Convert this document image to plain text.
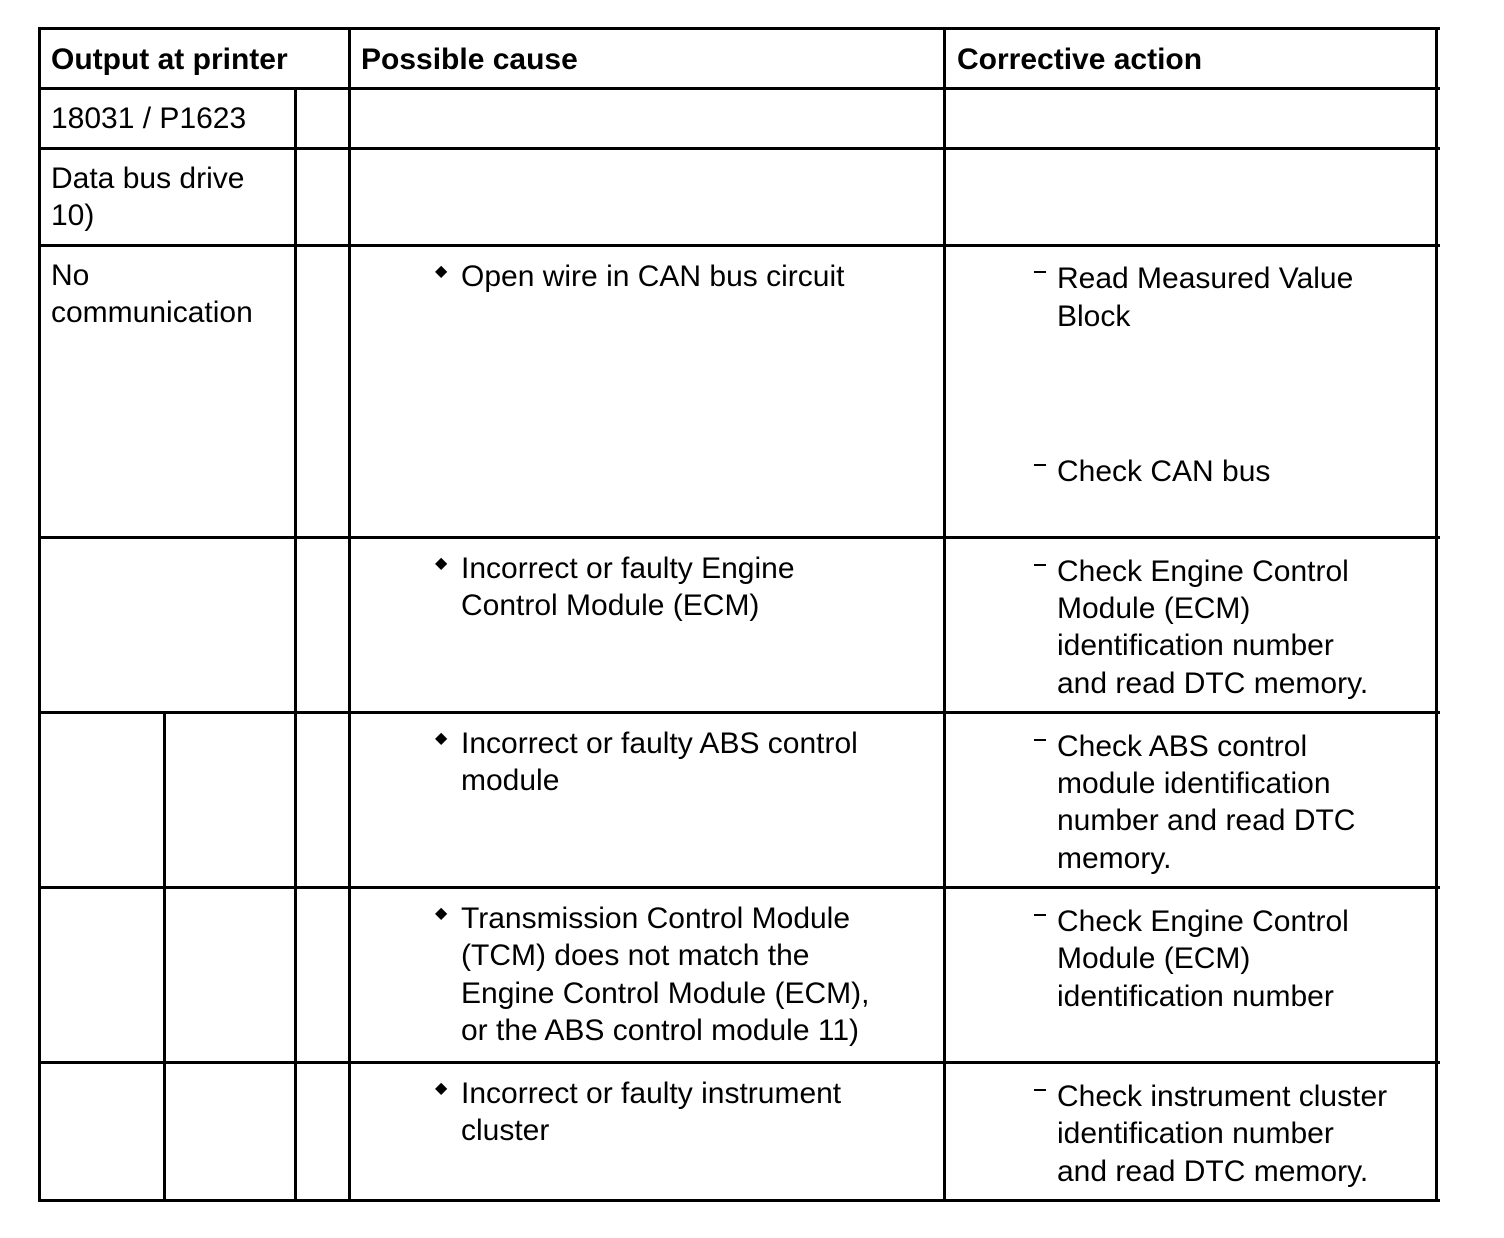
Output at printer Possible cause	Corrective action
18031 / P1623
Data bus drive
10)
No
communication
◆ Open wire in CAN bus circuit
◆ Incorrect or faulty Engine
Control Module (ECM)
◆ Incorrect or faulty ABS control
module
◆ Transmission Control Module
(TCM) does not match the
Engine Control Module (ECM),
or the ABS control module 11)
◆ Incorrect or faulty instrument
cluster
Read Measured Value
Block
Check CAN bus
Check Engine Control
Module (ECM)
identification number
and read DTC memory.
Check ABS control
module identification
number and read DTC
memory.
Check Engine Control
Module (ECM)
identification number
Check instrument cluster
identification number
and read DTC memory.
